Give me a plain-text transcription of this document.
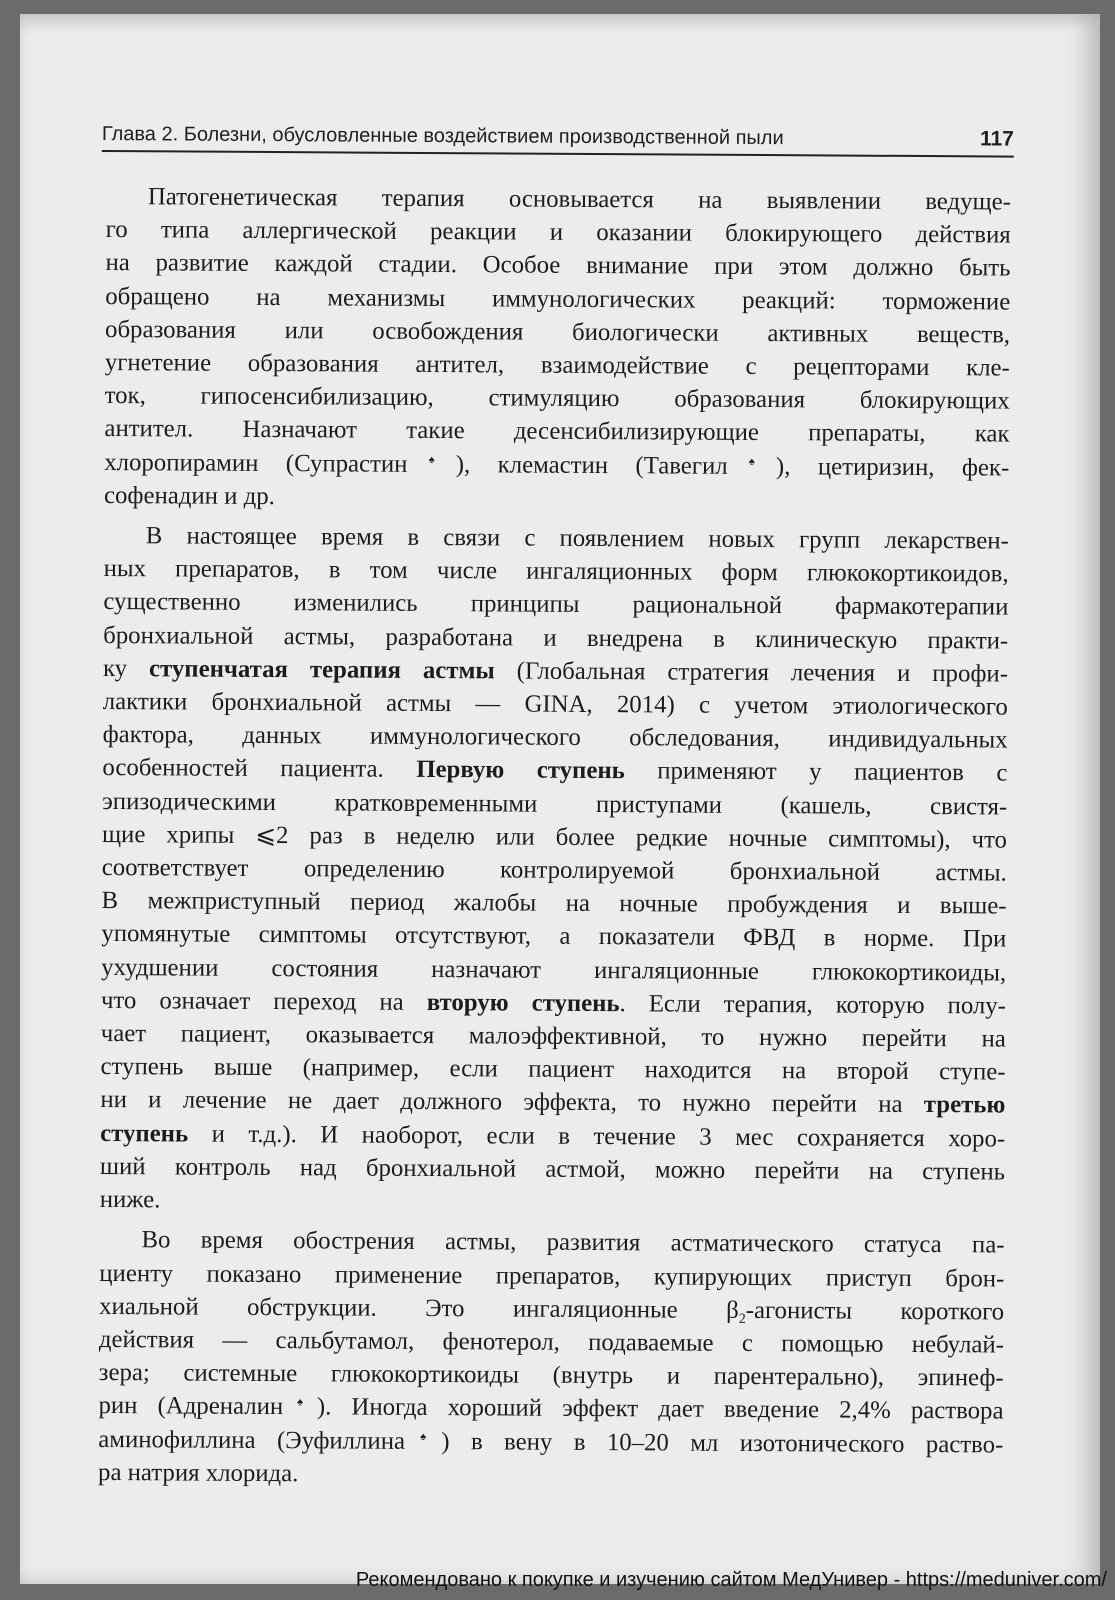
Глава 2. Болезни, обусловленные воздействием производственной пыли	117
Патогенетическая терапия основывается на выявлении ведуще-
го типа аллергической реакции и оказании блокирующего действия
на развитие каждой стадии. Особое внимание при этом должно быть
обращено на механизмы иммунологических реакций: торможение
образования или освобождения биологически активных веществ,
угнетение образования антител, взаимодействие с рецепторами кле-
ток, гипосенсибилизацию, стимуляцию образования блокирующих
антител. Назначают такие десенсибилизирующие препараты, как
хлоропирамин (Супрастин♠), клемастин (Тавегил♠), цетиризин, фек-
софенадин и др.
В настоящее время в связи с появлением новых групп лекарствен-
ных препаратов, в том числе ингаляционных форм глюкокортикоидов,
существенно изменились принципы рациональной фармакотерапии
бронхиальной астмы, разработана и внедрена в клиническую практи-
ку ступенчатая терапия астмы (Глобальная стратегия лечения и профи-
лактики бронхиальной астмы — GINA, 2014) с учетом этиологического
фактора, данных иммунологического обследования, индивидуальных
особенностей пациента. Первую ступень применяют у пациентов с
эпизодическими кратковременными приступами (кашель, свистя-
щие хрипы ⩽2 раз в неделю или более редкие ночные симптомы), что
соответствует определению контролируемой бронхиальной астмы.
В межприступный период жалобы на ночные пробуждения и выше-
упомянутые симптомы отсутствуют, а показатели ФВД в норме. При
ухудшении состояния назначают ингаляционные глюкокортикоиды,
что означает переход на вторую ступень. Если терапия, которую полу-
чает пациент, оказывается малоэффективной, то нужно перейти на
ступень выше (например, если пациент находится на второй ступе-
ни и лечение не дает должного эффекта, то нужно перейти на третью
ступень и т.д.). И наоборот, если в течение 3 мес сохраняется хоро-
ший контроль над бронхиальной астмой, можно перейти на ступень
ниже.
Во время обострения астмы, развития астматического статуса па-
циенту показано применение препаратов, купирующих приступ брон-
хиальной обструкции. Это ингаляционные $\beta_2$-агонисты короткого
действия — сальбутамол, фенотерол, подаваемые с помощью небулай-
зера; системные глюкокортикоиды (внутрь и парентерально), эпинеф-
рин (Адреналин♠). Иногда хороший эффект дает введение 2,4% раствора
аминофиллина (Эуфиллина♠) в вену в 10–20 мл изотонического раство-
ра натрия хлорида.
Рекомендовано к покупке и изучению сайтом МедУнивер - https://meduniver.com/
